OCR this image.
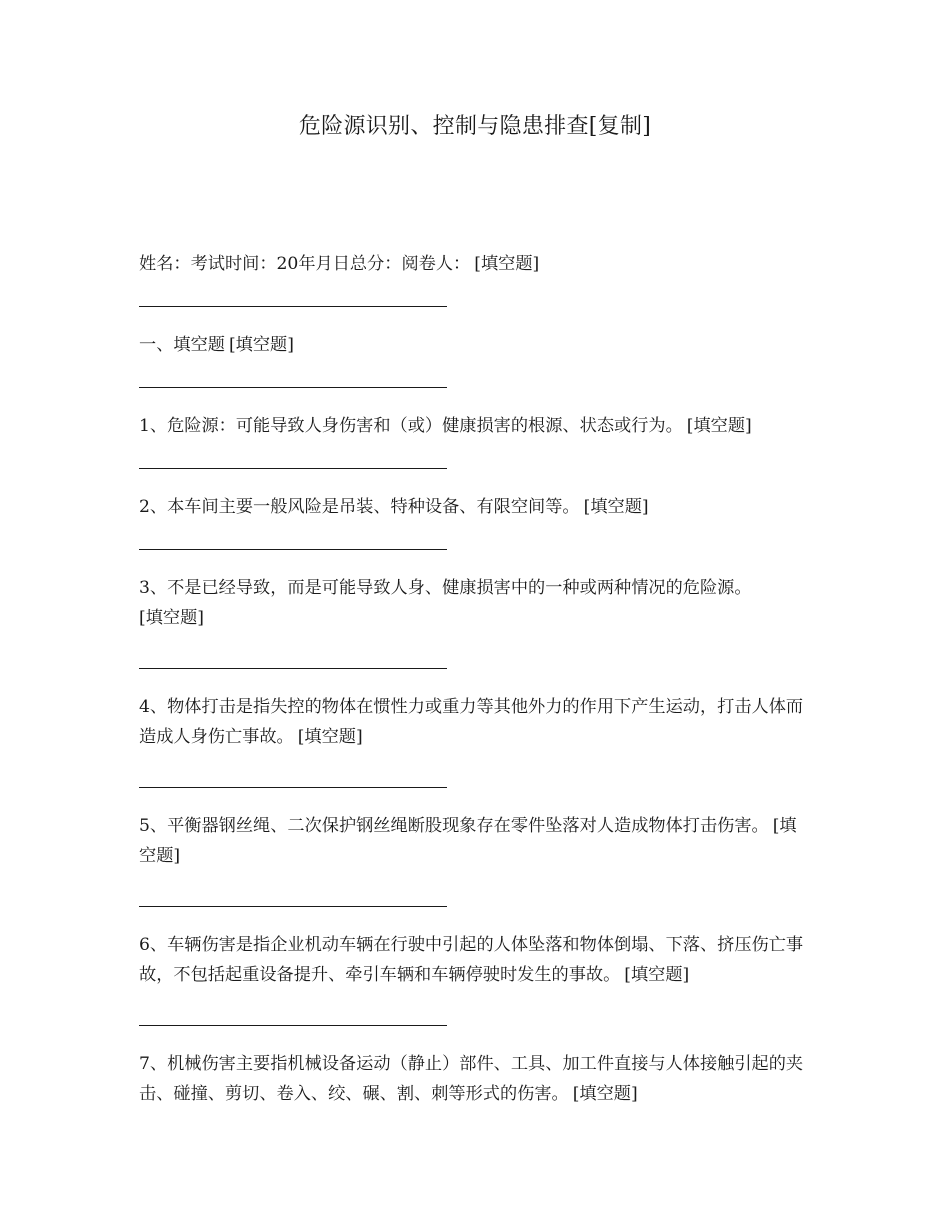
危险源识别、控制与隐患排查[复制]
姓名：考试时间：20年月日总分：阅卷人： [填空题]
一、填空题 [填空题]
1、危险源：可能导致人身伤害和（或）健康损害的根源、状态或行为。 [填空题]
2、本车间主要一般风险是吊装、特种设备、有限空间等。 [填空题]
3、不是已经导致，而是可能导致人身、健康损害中的一种或两种情况的危险源。
[填空题]
4、物体打击是指失控的物体在惯性力或重力等其他外力的作用下产生运动，打击人体而造成人身伤亡事故。 [填空题]
5、平衡器钢丝绳、二次保护钢丝绳断股现象存在零件坠落对人造成物体打击伤害。 [填空题]
6、车辆伤害是指企业机动车辆在行驶中引起的人体坠落和物体倒塌、下落、挤压伤亡事故，不包括起重设备提升、牵引车辆和车辆停驶时发生的事故。 [填空题]
7、机械伤害主要指机械设备运动（静止）部件、工具、加工件直接与人体接触引起的夹击、碰撞、剪切、卷入、绞、碾、割、刺等形式的伤害。 [填空题]
